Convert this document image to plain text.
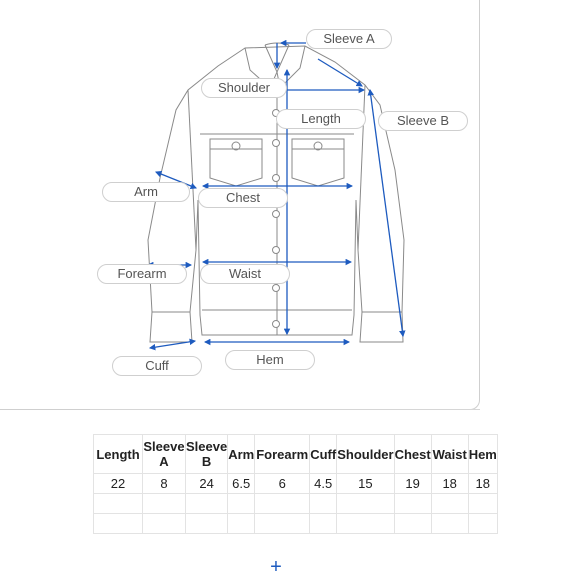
Sleeve A
Shoulder
Length	Sleeve B
Arm	Chest
Forearm	Waist
Cuff	Hem
Length	Sleeve A	Sleeve B	Arm	Forearm	Cuff	Shoulder	Chest	Waist	Hem
22	8	24	6.5	6	4.5	15	19	18	18

+
